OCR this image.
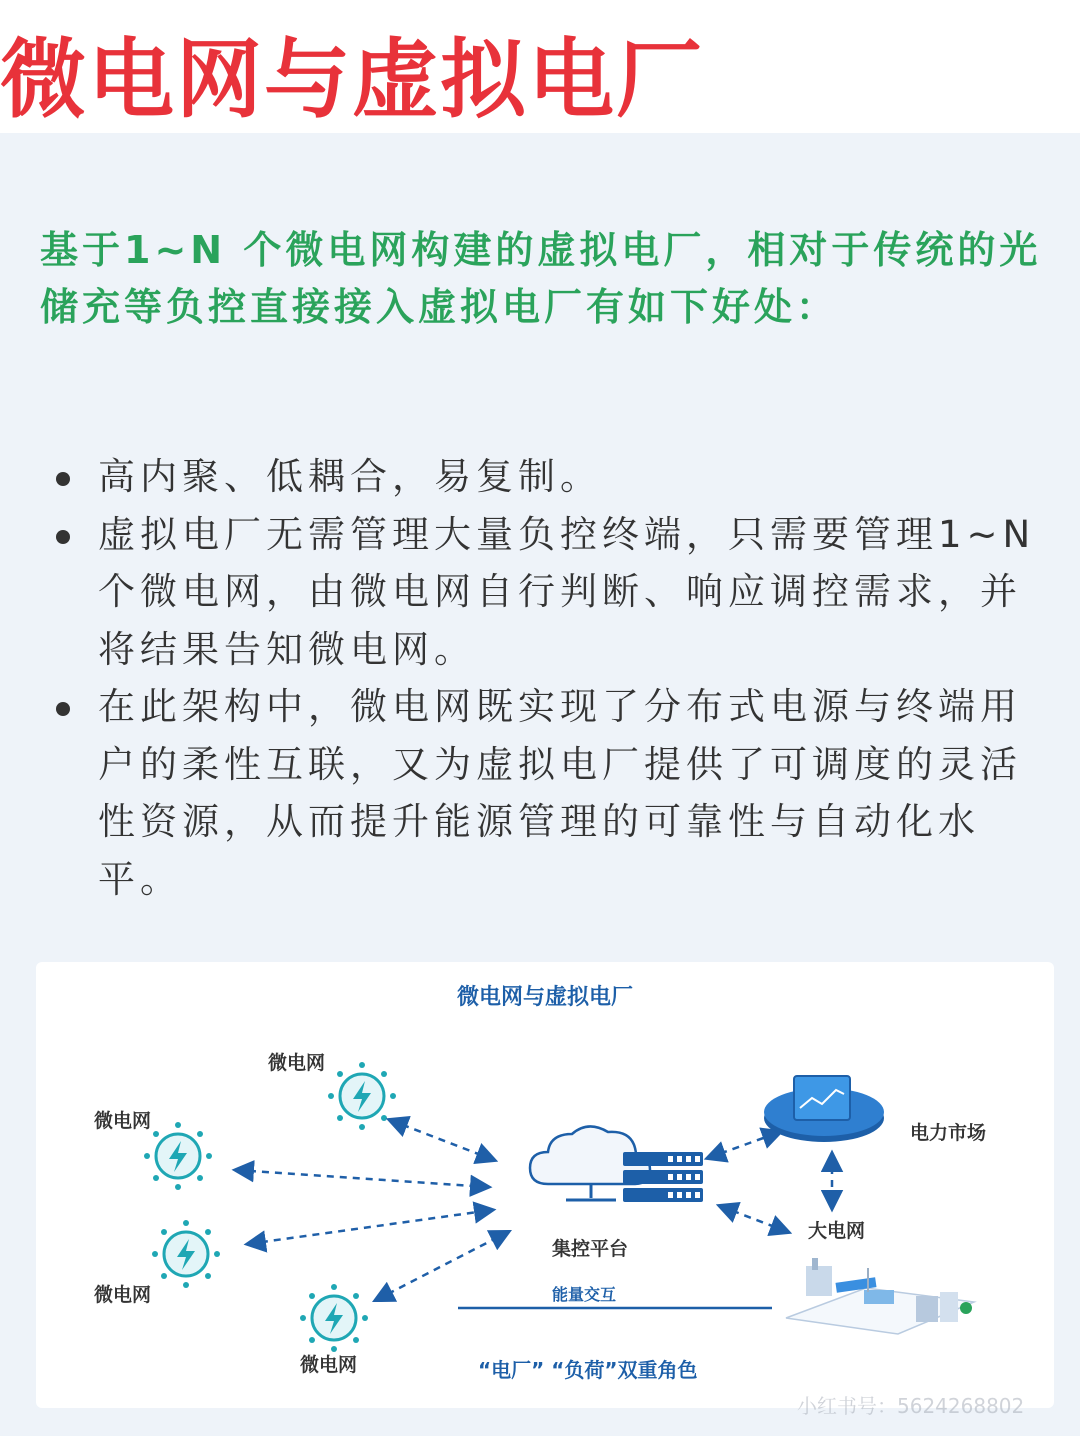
微电网与虚拟电厂

基于1~N 个微电网构建的虚拟电厂，相对于传统的光储充等负控直接接入虚拟电厂有如下好处：

高内聚、低耦合，易复制。
虚拟电厂无需管理大量负控终端，只需要管理1~N个微电网，由微电网自行判断、响应调控需求，并将结果告知微电网。
在此架构中，微电网既实现了分布式电源与终端用户的柔性互联，又为虚拟电厂提供了可调度的灵活性资源，从而提升能源管理的可靠性与自动化水平。
微电网与虚拟电厂
微电网
微电网
微电网
微电网
集控平台
电力市场
大电网
能量交互
“电厂” “负荷”双重角色
小红书号：5624268802
